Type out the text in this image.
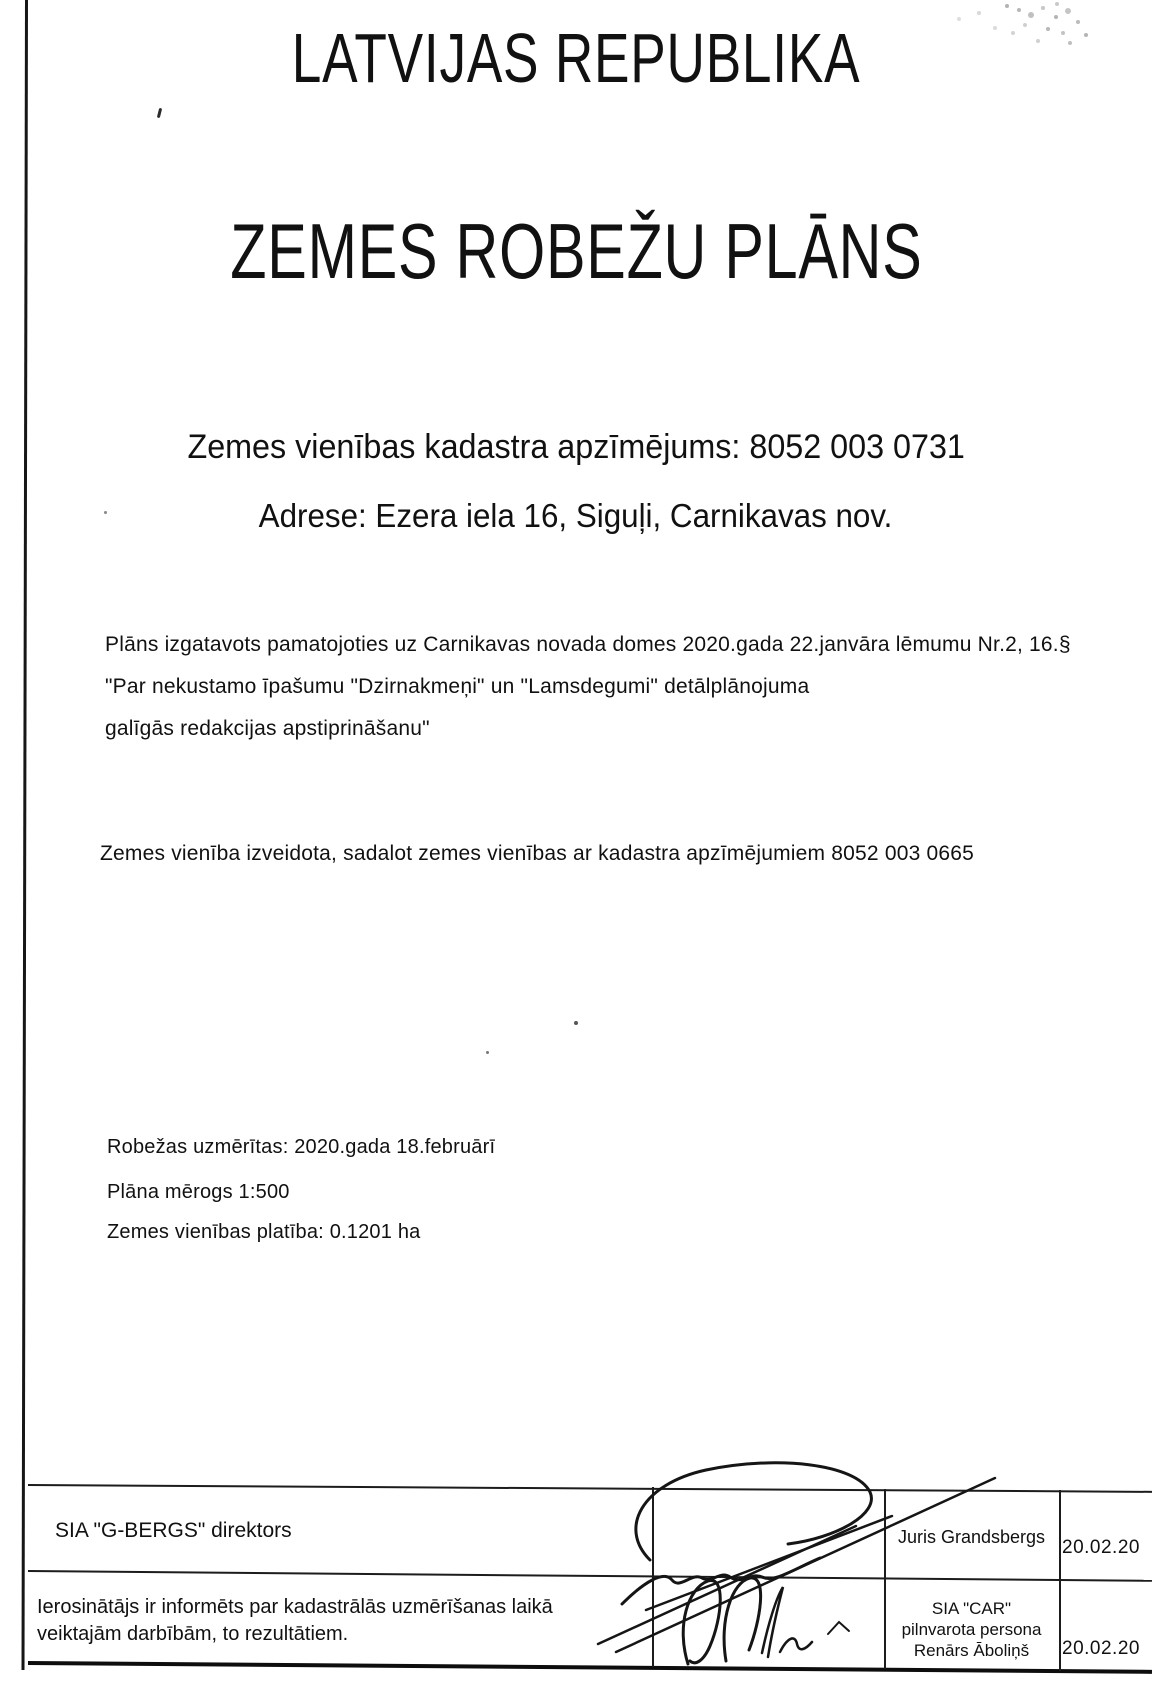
LATVIJAS REPUBLIKA
ZEMES ROBEŽU PLĀNS
Zemes vienības kadastra apzīmējums: 8052 003 0731
Adrese: Ezera iela 16, Siguļi, Carnikavas nov.
Plāns izgatavots pamatojoties uz Carnikavas novada domes 2020.gada 22.janvāra lēmumu Nr.2, 16.§
"Par nekustamo īpašumu "Dzirnakmeņi" un "Lamsdegumi" detālplānojuma
galīgās redakcijas apstiprināšanu"
Zemes vienība izveidota, sadalot zemes vienības ar kadastra apzīmējumiem 8052 003 0665
Robežas uzmērītas: 2020.gada 18.februārī
Plāna mērogs 1:500
Zemes vienības platība: 0.1201 ha
SIA "G-BERGS" direktors
Ierosinātājs ir informēts par kadastrālās uzmērīšanas laikā
veiktajām darbībām, to rezultātiem.
Juris Grandsbergs
SIA "CAR"
pilnvarota persona
Renārs Āboliņš
20.02.20
20.02.20
